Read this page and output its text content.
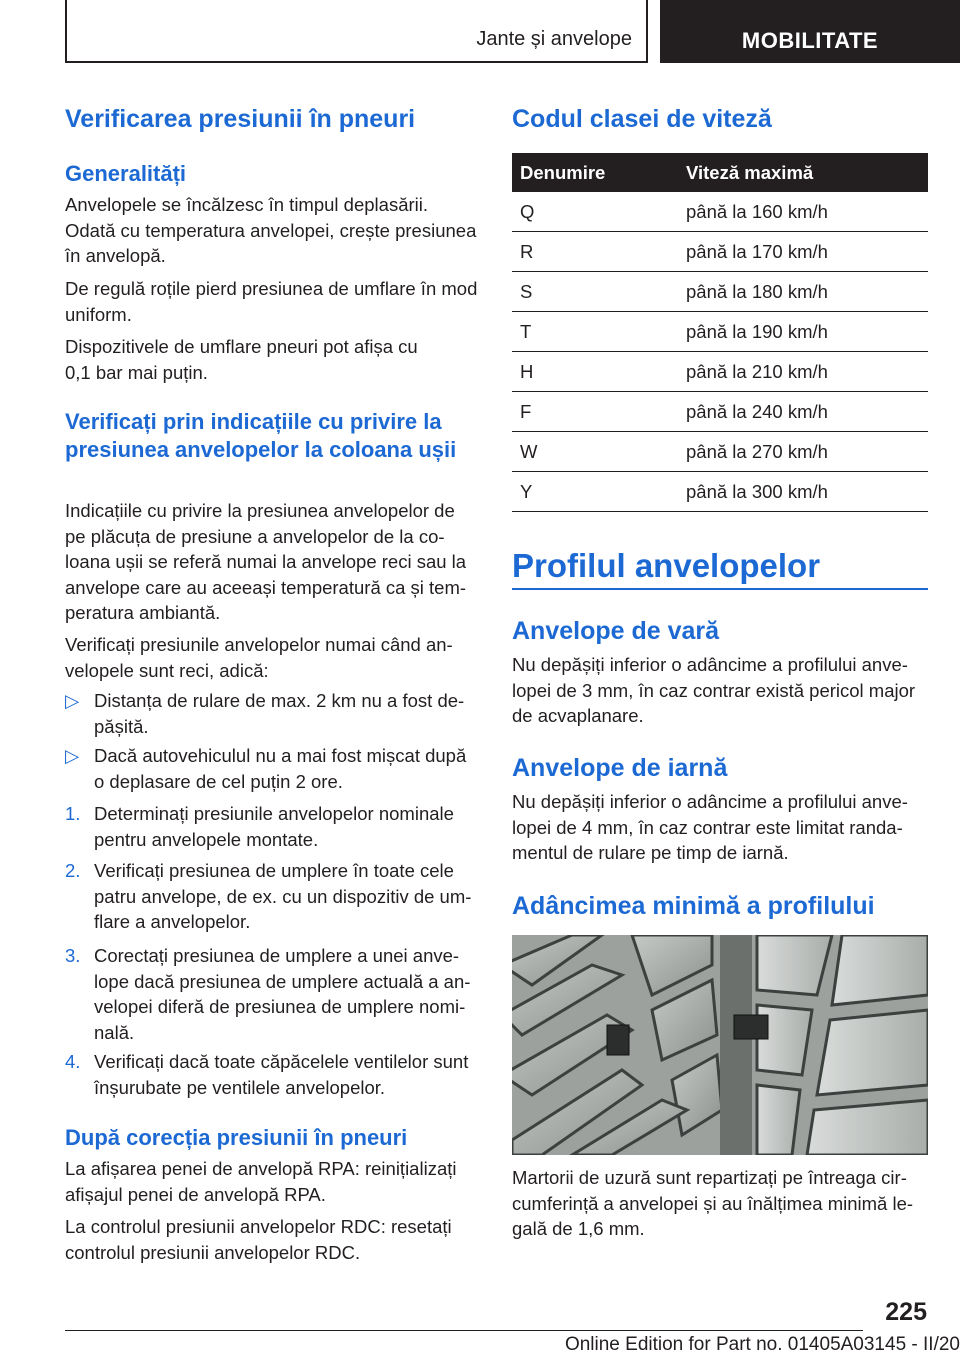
Jante și anvelope	MOBILITATE
Verificarea presiunii în pneuri
Generalități
Anvelopele se încălzesc în timpul deplasării. Odată cu temperatura anvelopei, crește presiunea în anvelopă.
De regulă roțile pierd presiunea de umflare în mod uniform.
Dispozitivele de umflare pneuri pot afișa cu 0,1 bar mai puțin.
Verificați prin indicațiile cu privire la presiunea anvelopelor la coloana ușii
Indicațiile cu privire la presiunea anvelopelor de pe plăcuța de presiune a anvelopelor de la coloana ușii se referă numai la anvelope reci sau la anvelope care au aceeași temperatură ca și temperatura ambiantă.
Verificați presiunile anvelopelor numai când anvelopele sunt reci, adică:
▷ Distanța de rulare de max. 2 km nu a fost depășită.
▷ Dacă autovehiculul nu a mai fost mișcat după o deplasare de cel puțin 2 ore.
1. Determinați presiunile anvelopelor nominale pentru anvelopele montate.
2. Verificați presiunea de umplere în toate cele patru anvelope, de ex. cu un dispozitiv de umflare a anvelopelor.
3. Corectați presiunea de umplere a unei anvelope dacă presiunea de umplere actuală a anvelopei diferă de presiunea de umplere nominală.
4. Verificați dacă toate căpăcelele ventilelor sunt înșurubate pe ventilele anvelopelor.
După corecția presiunii în pneuri
La afișarea penei de anvelopă RPA: reinițializați afișajul penei de anvelopă RPA.
La controlul presiunii anvelopelor RDC: resetați controlul presiunii anvelopelor RDC.
Codul clasei de viteză
Denumire	Viteză maximă
Q	până la 160 km/h
R	până la 170 km/h
S	până la 180 km/h
T	până la 190 km/h
H	până la 210 km/h
F	până la 240 km/h
W	până la 270 km/h
Y	până la 300 km/h
Profilul anvelopelor
Anvelope de vară
Nu depășiți inferior o adâncime a profilului anvelopei de 3 mm, în caz contrar există pericol major de acvaplanare.
Anvelope de iarnă
Nu depășiți inferior o adâncime a profilului anvelopei de 4 mm, în caz contrar este limitat randamentul de rulare pe timp de iarnă.
Adâncimea minimă a profilului
Martorii de uzură sunt repartizați pe întreaga circumferință a anvelopei și au înălțimea minimă legală de 1,6 mm.
225
Online Edition for Part no. 01405A03145 - II/20
